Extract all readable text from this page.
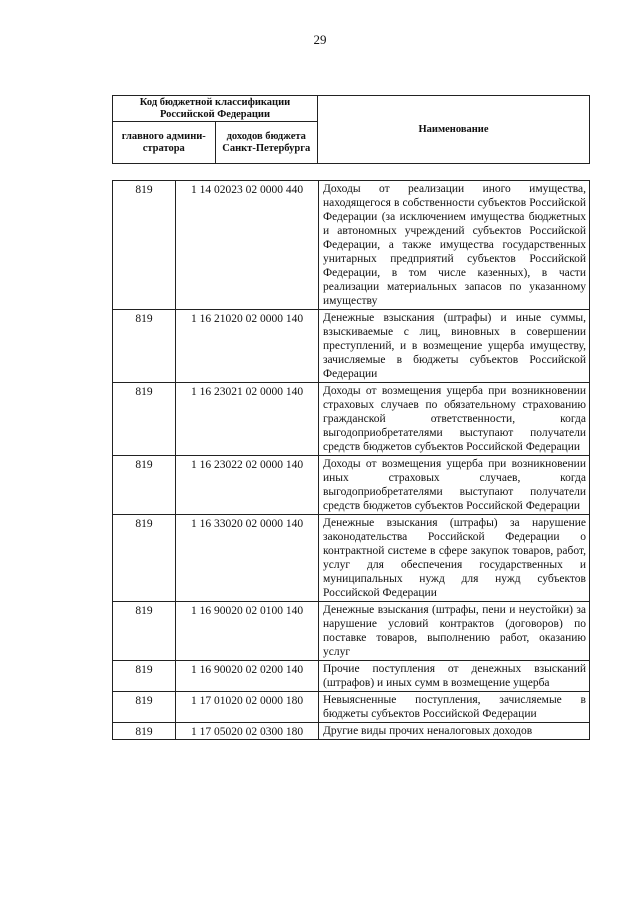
29
Код бюджетной классификации Российской Федерации		Наименование
главного админи-стратора	доходов бюджета Санкт-Петербурга	
819	1 14 02023 02 0000 440	Доходы от реализации иного имущества, находящегося в собственности субъектов Российской Федерации (за исключением имущества бюджетных и автономных учреждений субъектов Российской Федерации, а также имущества государственных унитарных предприятий субъектов Российской Федерации, в том числе казенных), в части реализации материальных запасов по указанному имуществу
819	1 16 21020 02 0000 140	Денежные взыскания (штрафы) и иные суммы, взыскиваемые с лиц, виновных в совершении преступлений, и в возмещение ущерба имуществу, зачисляемые в бюджеты субъектов Российской Федерации
819	1 16 23021 02 0000 140	Доходы от возмещения ущерба при возникновении страховых случаев по обязательному страхованию гражданской ответственности, когда выгодоприобретателями выступают получатели средств бюджетов субъектов Российской Федерации
819	1 16 23022 02 0000 140	Доходы от возмещения ущерба при возникновении иных страховых случаев, когда выгодоприобретателями выступают получатели средств бюджетов субъектов Российской Федерации
819	1 16 33020 02 0000 140	Денежные взыскания (штрафы) за нарушение законодательства Российской Федерации о контрактной системе в сфере закупок товаров, работ, услуг для обеспечения государственных и муниципальных нужд для нужд субъектов Российской Федерации
819	1 16 90020 02 0100 140	Денежные взыскания (штрафы, пени и неустойки) за нарушение условий контрактов (договоров) по поставке товаров, выполнению работ, оказанию услуг
819	1 16 90020 02 0200 140	Прочие поступления от денежных взысканий (штрафов) и иных сумм в возмещение ущерба
819	1 17 01020 02 0000 180	Невыясненные поступления, зачисляемые в бюджеты субъектов Российской Федерации
819	1 17 05020 02 0300 180	Другие виды прочих неналоговых доходов
